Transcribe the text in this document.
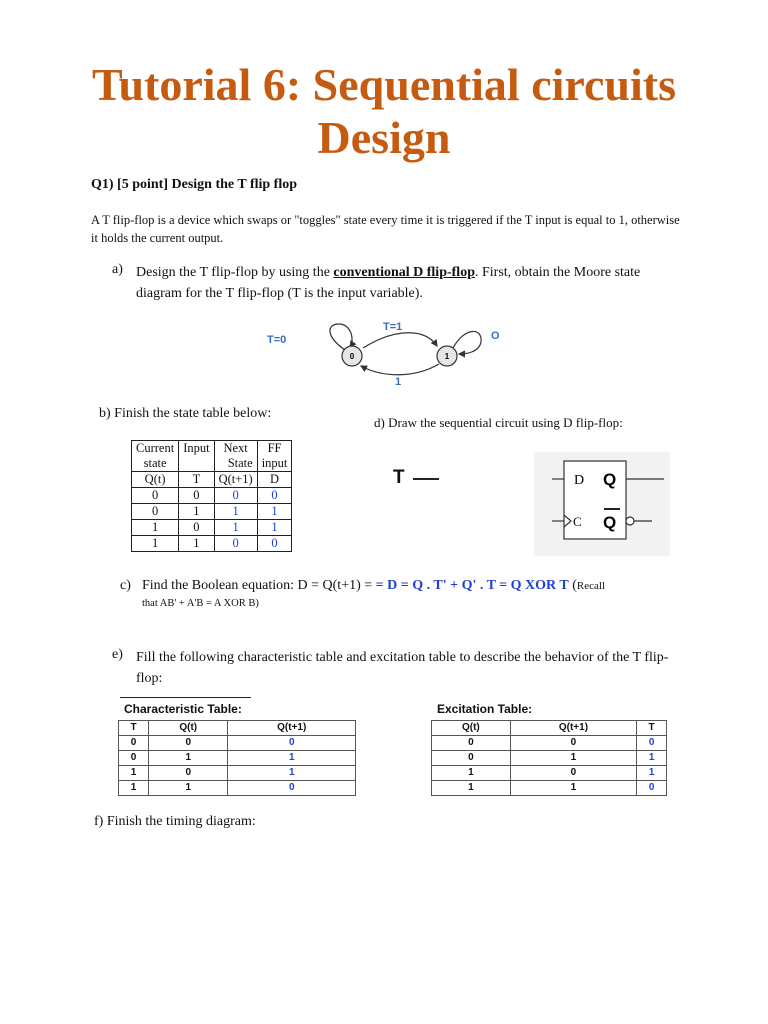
Tutorial 6: Sequential circuits
Design
Q1) [5 point] Design the T flip flop
A T flip-flop is a device which swaps or "toggles" state every time it is triggered if the T input is equal to 1, otherwise it holds the current output.
a) Design the T flip-flop by using the conventional D flip-flop. First, obtain the Moore state diagram for the T flip-flop (T is the input variable).
0	1
T=0
T=1
O
1
b) Finish the state table below:
d) Draw the sequential circuit using D flip-flop:
Current	Input	Next	FF
state		State	input
Q(t)	T	Q(t+1)	D
0	0	0	0
0	1	1	1
1	0	1	1
1	1	0	0
T	D Q
C Q
c) Find the Boolean equation: D = Q(t+1) = = D = Q . T' + Q' . T = Q XOR T (Recall
that AB' + A'B = A XOR B)
e) Fill the following characteristic table and excitation table to describe the behavior of the T flip-flop:
Characteristic Table:
T	Q(t)	Q(t+1)
0	0	0
0	1	1
1	0	1
1	1	0
Excitation Table:
Q(t)	Q(t+1)	T
0	0	0
0	1	1
1	0	1
1	1	0
f) Finish the timing diagram:
